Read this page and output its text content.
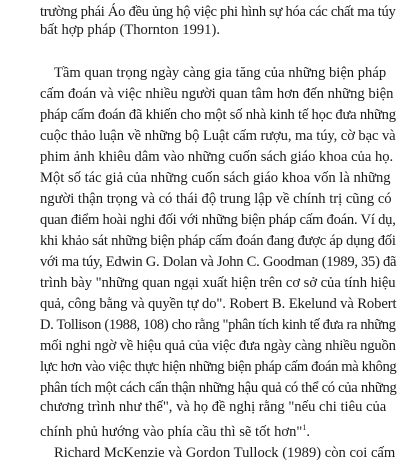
trường phái Áo đều ủng hộ việc phi hình sự hóa các chất ma túy
bất hợp pháp (Thornton 1991).
Tầm quan trọng ngày càng gia tăng của những biện pháp
cấm đoán và việc nhiều người quan tâm hơn đến những biện
pháp cấm đoán đã khiến cho một số nhà kinh tế học đưa những
cuộc thảo luận về những bộ Luật cấm rượu, ma túy, cờ bạc và
phim ảnh khiêu dâm vào những cuốn sách giáo khoa của họ.
Một số tác giả của những cuốn sách giáo khoa vốn là những
người thận trọng và có thái độ trung lập về chính trị cũng có
quan điểm hoài nghi đối với những biện pháp cấm đoán. Ví dụ,
khi khảo sát những biện pháp cấm đoán đang được áp dụng đối
với ma túy, Edwin G. Dolan và John C. Goodman (1989, 35) đã
trình bày "những quan ngại xuất hiện trên cơ sở của tính hiệu
quả, công bằng và quyền tự do". Robert B. Ekelund và Robert
D. Tollison (1988, 108) cho rằng "phân tích kinh tế đưa ra những
mối nghi ngờ về hiệu quả của việc đưa ngày càng nhiều nguồn
lực hơn vào việc thực hiện những biện pháp cấm đoán mà không
phân tích một cách cẩn thận những hậu quả có thể có của những
chương trình như thế", và họ đề nghị rằng "nếu chi tiêu của
chính phủ hướng vào phía cầu thì sẽ tốt hơn"$^1$.
Richard McKenzie và Gordon Tullock (1989) còn coi cấm
